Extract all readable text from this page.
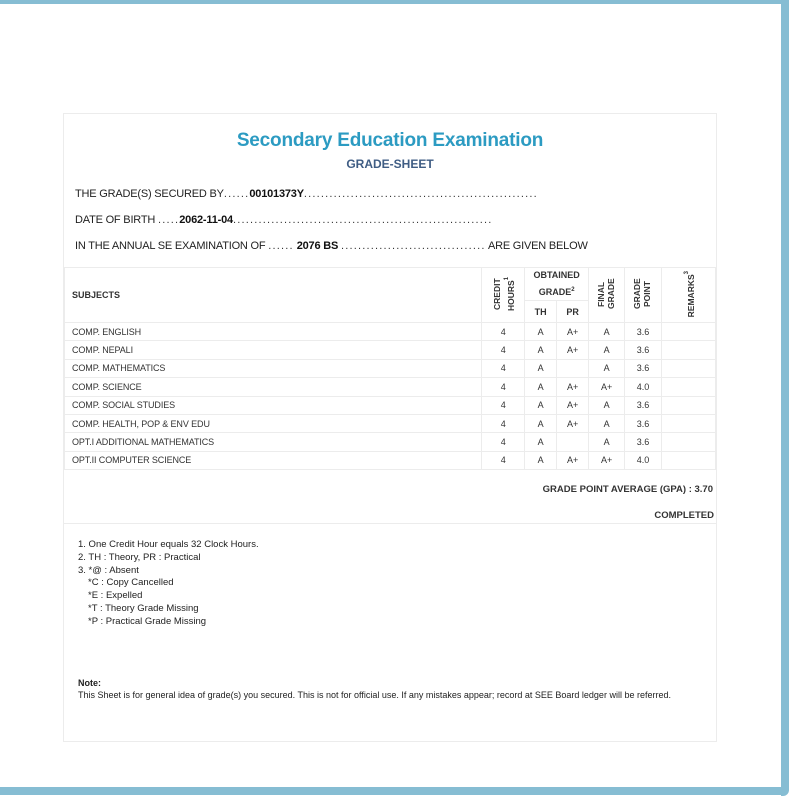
Secondary Education Examination
GRADE-SHEET
THE GRADE(S) SECURED BY......00101373Y.......................................................
DATE OF BIRTH .....2062-11-04.............................................................
IN THE ANNUAL SE EXAMINATION OF ...... 2076 BS .................................. ARE GIVEN BELOW
SUBJECTS	CREDIT HOURS$^1$	OBTAINED GRADE$^2$		FINAL GRADE	GRADE POINT	REMARKS$^3$
		TH	PR			
COMP. ENGLISH	4	A	A+	A	3.6	
COMP. NEPALI	4	A	A+	A	3.6	
COMP. MATHEMATICS	4	A		A	3.6	
COMP. SCIENCE	4	A	A+	A+	4.0	
COMP. SOCIAL STUDIES	4	A	A+	A	3.6	
COMP. HEALTH, POP & ENV EDU	4	A	A+	A	3.6	
OPT.I ADDITIONAL MATHEMATICS	4	A		A	3.6	
OPT.II COMPUTER SCIENCE	4	A	A+	A+	4.0	
GRADE POINT AVERAGE (GPA) : 3.70
COMPLETED
1. One Credit Hour equals 32 Clock Hours.
2. TH : Theory, PR : Practical
3. *@ : Absent
*C : Copy Cancelled
*E : Expelled
*T : Theory Grade Missing
*P : Practical Grade Missing
Note:
This Sheet is for general idea of grade(s) you secured. This is not for official use. If any mistakes appear; record at SEE Board ledger will be referred.
